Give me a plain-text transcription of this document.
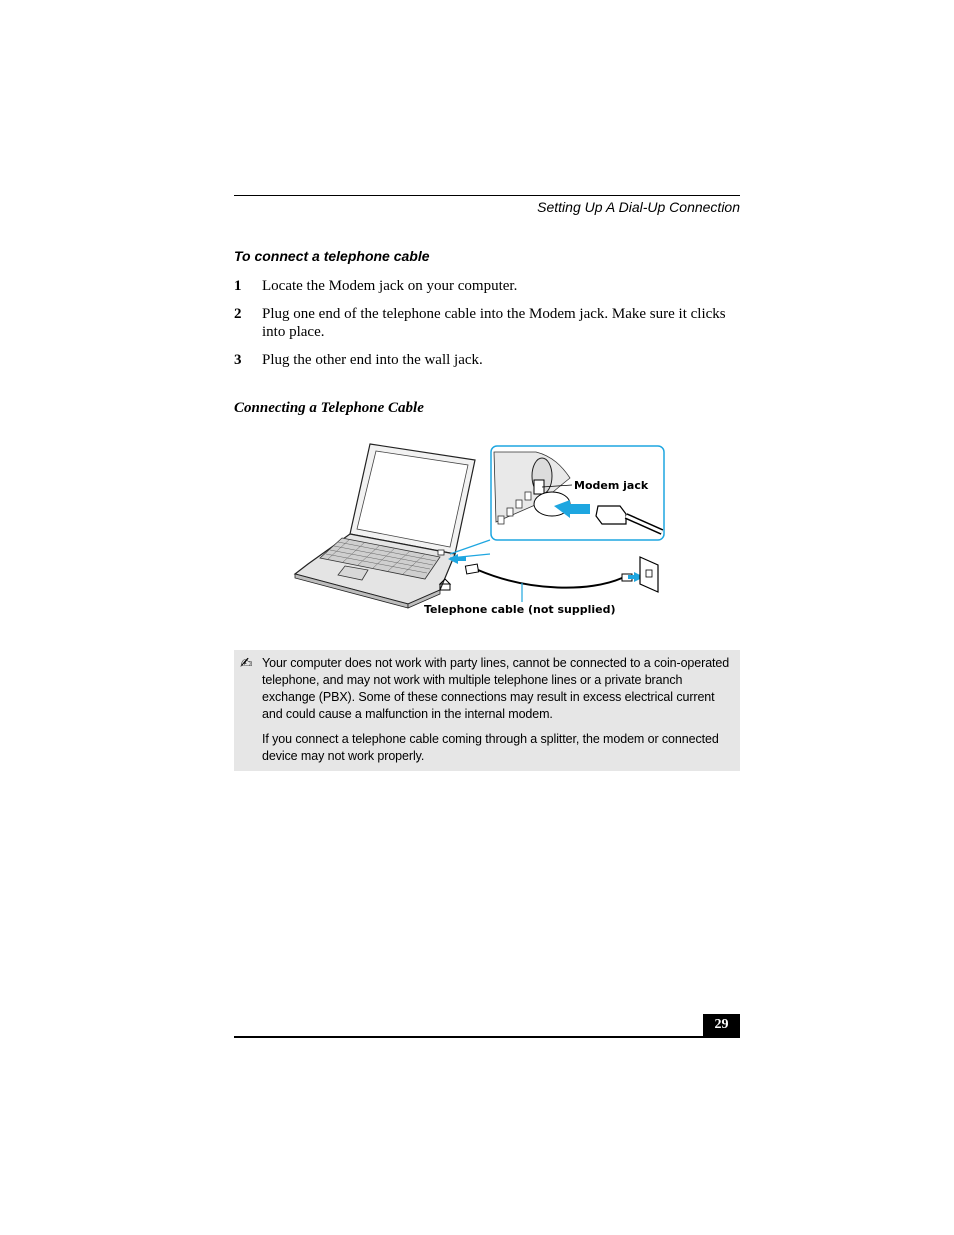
Setting Up A Dial-Up Connection
To connect a telephone cable
1 Locate the Modem jack on your computer.
2 Plug one end of the telephone cable into the Modem jack. Make sure it clicks into place.
3 Plug the other end into the wall jack.
Connecting a Telephone Cable
Modem jack
Telephone cable (not supplied)
✍ Your computer does not work with party lines, cannot be connected to a coin-operated telephone, and may not work with multiple telephone lines or a private branch exchange (PBX). Some of these connections may result in excess electrical current and could cause a malfunction in the internal modem.
If you connect a telephone cable coming through a splitter, the modem or connected device may not work properly.
29
